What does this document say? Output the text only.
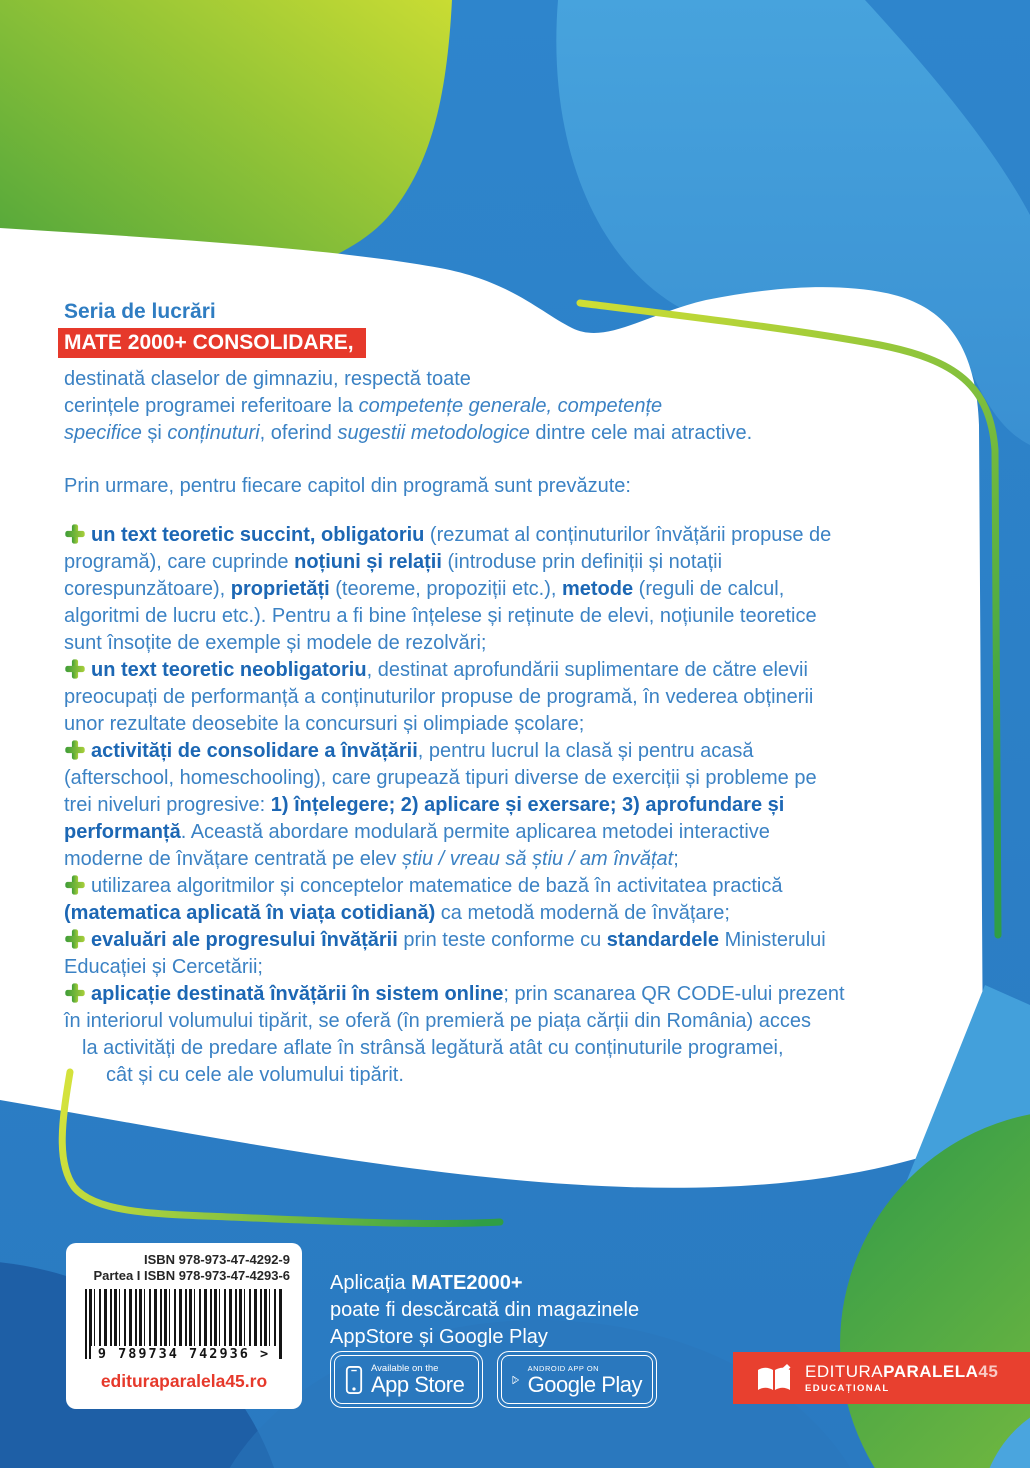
Seria de lucrări
MATE 2000+ CONSOLIDARE,

destinată claselor de gimnaziu, respectă toate
cerințele programei referitoare la competențe generale, competențe
specifice și conținuturi, oferind sugestii metodologice dintre cele mai atractive.

Prin urmare, pentru fiecare capitol din programă sunt prevăzute:

un text teoretic succint, obligatoriu (rezumat al conținuturilor învățării propuse de
programă), care cuprinde noțiuni și relații (introduse prin definiții și notații
corespunzătoare), proprietăți (teoreme, propoziții etc.), metode (reguli de calcul,
algoritmi de lucru etc.). Pentru a fi bine înțelese și reținute de elevi, noțiunile teoretice
sunt însoțite de exemple și modele de rezolvări;
un text teoretic neobligatoriu, destinat aprofundării suplimentare de către elevii
preocupați de performanță a conținuturilor propuse de programă, în vederea obținerii
unor rezultate deosebite la concursuri și olimpiade școlare;
activități de consolidare a învățării, pentru lucrul la clasă și pentru acasă
(afterschool, homeschooling), care grupează tipuri diverse de exerciții și probleme pe
trei niveluri progresive: 1) înțelegere; 2) aplicare și exersare; 3) aprofundare și
performanță. Această abordare modulară permite aplicarea metodei interactive
moderne de învățare centrată pe elev știu / vreau să știu / am învățat;
utilizarea algoritmilor și conceptelor matematice de bază în activitatea practică
(matematica aplicată în viața cotidiană) ca metodă modernă de învățare;
evaluări ale progresului învățării prin teste conforme cu standardele Ministerului
Educației și Cercetării;
aplicație destinată învățării în sistem online; prin scanarea QR CODE-ului prezent
în interiorul volumului tipărit, se oferă (în premieră pe piața cărții din România) acces
la activități de predare aflate în strânsă legătură atât cu conținuturile programei,
cât și cu cele ale volumului tipărit.
ISBN 978-973-47-4292-9
Partea I ISBN 978-973-47-4293-6
9 789734 742936 >
edituraparalela45.ro
Aplicația MATE2000+
poate fi descărcată din magazinele
AppStore și Google Play
Available on the
App Store
ANDROID APP ON
Google Play
EDITURAPARALELA45
EDUCAȚIONAL
